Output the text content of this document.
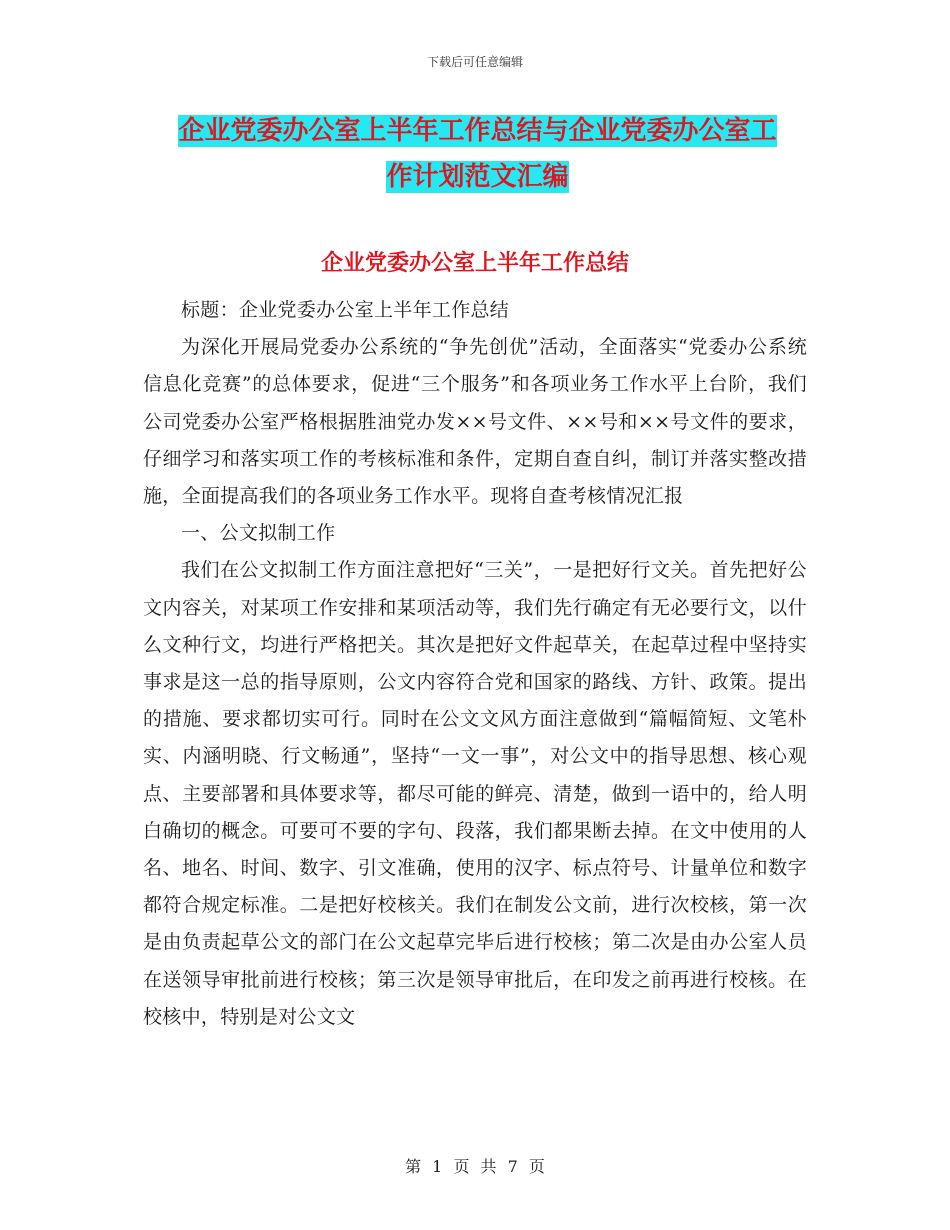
下载后可任意编辑
企业党委办公室上半年工作总结与企业党委办公室工
作计划范文汇编
企业党委办公室上半年工作总结

标题：企业党委办公室上半年工作总结

为深化开展局党委办公系统的“争先创优”活动，全面落实“党委办公系统信息化竞赛”的总体要求，促进“三个服务”和各项业务工作水平上台阶，我们公司党委办公室严格根据胜油党办发××号文件、××号和××号文件的要求，仔细学习和落实项工作的考核标准和条件，定期自查自纠，制订并落实整改措施，全面提高我们的各项业务工作水平。现将自查考核情况汇报

一、公文拟制工作

我们在公文拟制工作方面注意把好“三关”，一是把好行文关。首先把好公文内容关，对某项工作安排和某项活动等，我们先行确定有无必要行文，以什么文种行文，均进行严格把关。其次是把好文件起草关，在起草过程中坚持实事求是这一总的指导原则，公文内容符合党和国家的路线、方针、政策。提出的措施、要求都切实可行。同时在公文文风方面注意做到“篇幅简短、文笔朴实、内涵明晓、行文畅通”，坚持“一文一事”，对公文中的指导思想、核心观点、主要部署和具体要求等，都尽可能的鲜亮、清楚，做到一语中的，给人明白确切的概念。可要可不要的字句、段落，我们都果断去掉。在文中使用的人名、地名、时间、数字、引文准确，使用的汉字、标点符号、计量单位和数字都符合规定标准。二是把好校核关。我们在制发公文前，进行次校核，第一次是由负责起草公文的部门在公文起草完毕后进行校核；第二次是由办公室人员在送领导审批前进行校核；第三次是领导审批后，在印发之前再进行校核。在校核中，特别是对公文文

第 1 页 共 7 页
